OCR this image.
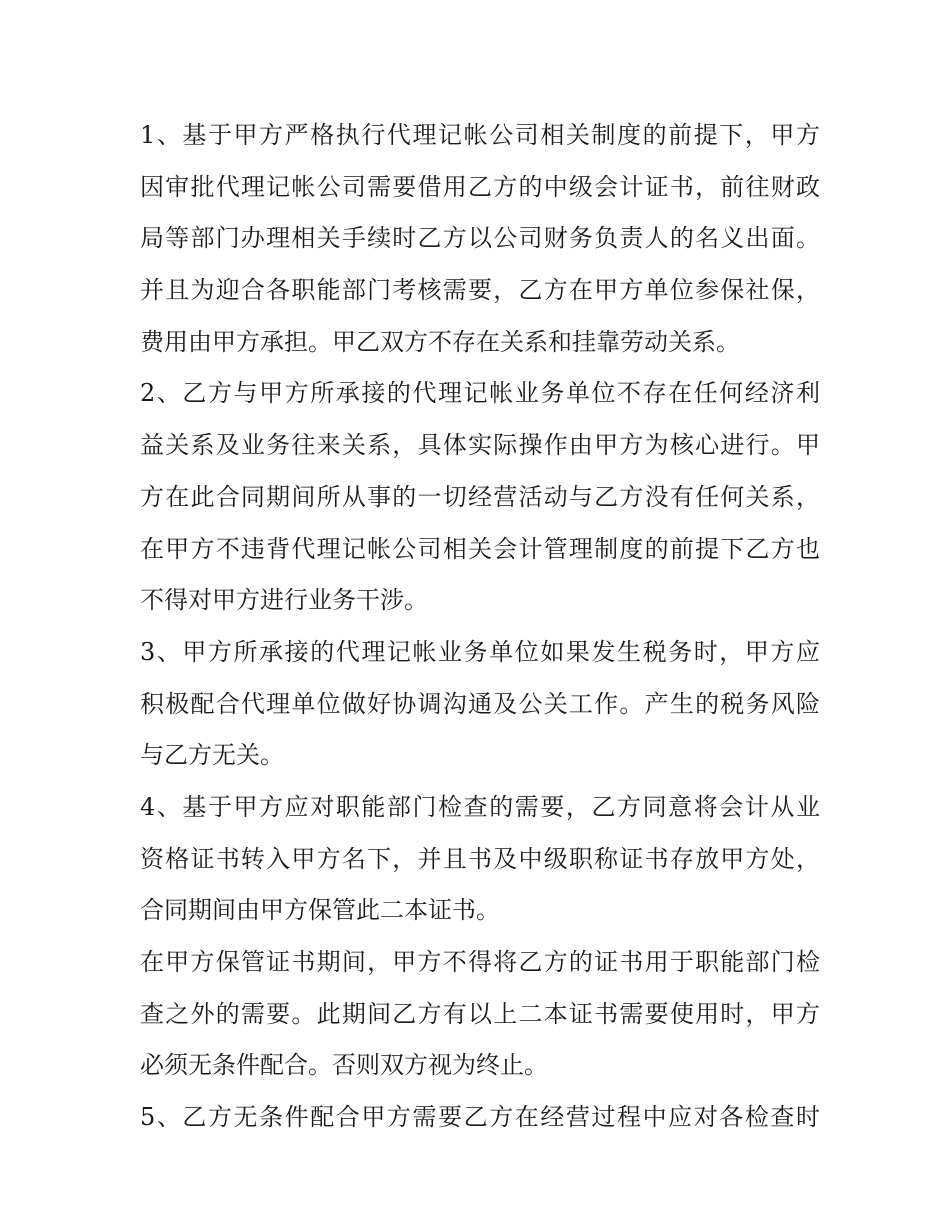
1、基于甲方严格执行代理记帐公司相关制度的前提下，甲方
因审批代理记帐公司需要借用乙方的中级会计证书，前往财政
局等部门办理相关手续时乙方以公司财务负责人的名义出面。
并且为迎合各职能部门考核需要，乙方在甲方单位参保社保，
费用由甲方承担。甲乙双方不存在关系和挂靠劳动关系。
2、乙方与甲方所承接的代理记帐业务单位不存在任何经济利
益关系及业务往来关系，具体实际操作由甲方为核心进行。甲
方在此合同期间所从事的一切经营活动与乙方没有任何关系，
在甲方不违背代理记帐公司相关会计管理制度的前提下乙方也
不得对甲方进行业务干涉。
3、甲方所承接的代理记帐业务单位如果发生税务时，甲方应
积极配合代理单位做好协调沟通及公关工作。产生的税务风险
与乙方无关。
4、基于甲方应对职能部门检查的需要，乙方同意将会计从业
资格证书转入甲方名下，并且书及中级职称证书存放甲方处，
合同期间由甲方保管此二本证书。
在甲方保管证书期间，甲方不得将乙方的证书用于职能部门检
查之外的需要。此期间乙方有以上二本证书需要使用时，甲方
必须无条件配合。否则双方视为终止。
5、乙方无条件配合甲方需要乙方在经营过程中应对各检查时
